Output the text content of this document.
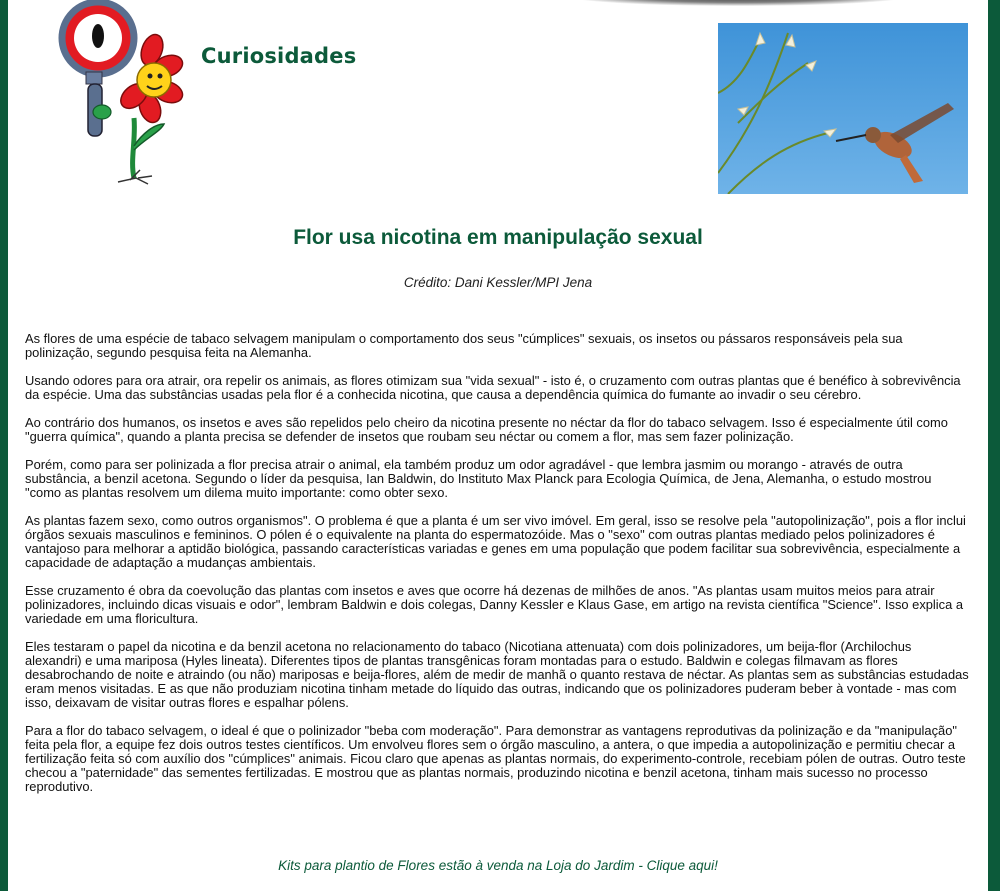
Curiosidades
Flor usa nicotina em manipulação sexual

Crédito: Dani Kessler/MPI Jena

As flores de uma espécie de tabaco selvagem manipulam o comportamento dos seus "cúmplices" sexuais, os insetos ou pássaros responsáveis pela sua polinização, segundo pesquisa feita na Alemanha.

Usando odores para ora atrair, ora repelir os animais, as flores otimizam sua "vida sexual" - isto é, o cruzamento com outras plantas que é benéfico à sobrevivência da espécie. Uma das substâncias usadas pela flor é a conhecida nicotina, que causa a dependência química do fumante ao invadir o seu cérebro.

Ao contrário dos humanos, os insetos e aves são repelidos pelo cheiro da nicotina presente no néctar da flor do tabaco selvagem. Isso é especialmente útil como "guerra química", quando a planta precisa se defender de insetos que roubam seu néctar ou comem a flor, mas sem fazer polinização.

Porém, como para ser polinizada a flor precisa atrair o animal, ela também produz um odor agradável - que lembra jasmim ou morango - através de outra substância, a benzil acetona. Segundo o líder da pesquisa, Ian Baldwin, do Instituto Max Planck para Ecologia Química, de Jena, Alemanha, o estudo mostrou "como as plantas resolvem um dilema muito importante: como obter sexo.

As plantas fazem sexo, como outros organismos". O problema é que a planta é um ser vivo imóvel. Em geral, isso se resolve pela "autopolinização", pois a flor inclui órgãos sexuais masculinos e femininos. O pólen é o equivalente na planta do espermatozóide. Mas o "sexo" com outras plantas mediado pelos polinizadores é vantajoso para melhorar a aptidão biológica, passando características variadas e genes em uma população que podem facilitar sua sobrevivência, especialmente a capacidade de adaptação a mudanças ambientais.

Esse cruzamento é obra da coevolução das plantas com insetos e aves que ocorre há dezenas de milhões de anos. "As plantas usam muitos meios para atrair polinizadores, incluindo dicas visuais e odor", lembram Baldwin e dois colegas, Danny Kessler e Klaus Gase, em artigo na revista científica "Science". Isso explica a variedade em uma floricultura.

Eles testaram o papel da nicotina e da benzil acetona no relacionamento do tabaco (Nicotiana attenuata) com dois polinizadores, um beija-flor (Archilochus alexandri) e uma mariposa (Hyles lineata). Diferentes tipos de plantas transgênicas foram montadas para o estudo. Baldwin e colegas filmavam as flores desabrochando de noite e atraindo (ou não) mariposas e beija-flores, além de medir de manhã o quanto restava de néctar. As plantas sem as substâncias estudadas eram menos visitadas. E as que não produziam nicotina tinham metade do líquido das outras, indicando que os polinizadores puderam beber à vontade - mas com isso, deixavam de visitar outras flores e espalhar pólens.

Para a flor do tabaco selvagem, o ideal é que o polinizador "beba com moderação". Para demonstrar as vantagens reprodutivas da polinização e da "manipulação" feita pela flor, a equipe fez dois outros testes científicos. Um envolveu flores sem o órgão masculino, a antera, o que impedia a autopolinização e permitiu checar a fertilização feita só com auxílio dos "cúmplices" animais. Ficou claro que apenas as plantas normais, do experimento-controle, recebiam pólen de outras. Outro teste checou a "paternidade" das sementes fertilizadas. E mostrou que as plantas normais, produzindo nicotina e benzil acetona, tinham mais sucesso no processo reprodutivo.

Kits para plantio de Flores estão à venda na Loja do Jardim - Clique aqui!
